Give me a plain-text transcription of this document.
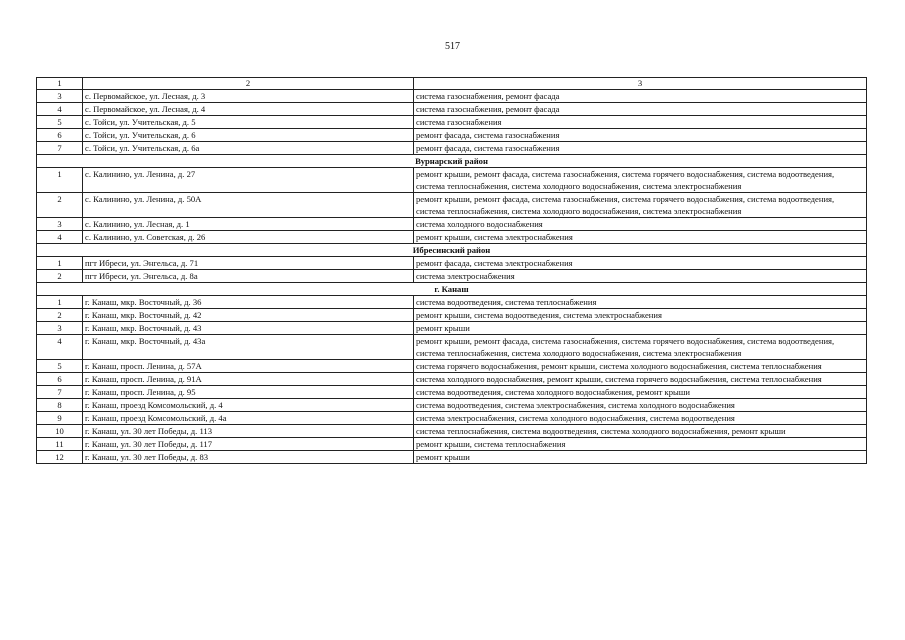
517
1	2	3
3	с. Первомайское, ул. Лесная, д. 3	система газоснабжения, ремонт фасада
4	с. Первомайское, ул. Лесная, д. 4	система газоснабжения, ремонт фасада
5	с. Тойси, ул. Учительская, д. 5	система газоснабжения
6	с. Тойси, ул. Учительская, д. 6	ремонт фасада, система газоснабжения
7	с. Тойси, ул. Учительская, д. 6а	ремонт фасада, система газоснабжения
Вурнарский район		
1	с. Калинино, ул. Ленина, д. 27	ремонт крыши, ремонт фасада, система газоснабжения, система горячего водоснабжения, система водоотведения, система теплоснабжения, система холодного водоснабжения, система электроснабжения
2	с. Калинино, ул. Ленина, д. 50А	ремонт крыши, ремонт фасада, система газоснабжения, система горячего водоснабжения, система водоотведения, система теплоснабжения, система холодного водоснабжения, система электроснабжения
3	с. Калинино, ул. Лесная, д. 1	система холодного водоснабжения
4	с. Калинино, ул. Советская, д. 26	ремонт крыши, система электроснабжения
Ибресинский район		
1	пгт Ибреси, ул. Энгельса, д. 71	ремонт фасада, система электроснабжения
2	пгт Ибреси, ул. Энгельса, д. 8а	система электроснабжения
г. Канаш		
1	г. Канаш, мкр. Восточный, д. 36	система водоотведения, система теплоснабжения
2	г. Канаш, мкр. Восточный, д. 42	ремонт крыши, система водоотведения, система электроснабжения
3	г. Канаш, мкр. Восточный, д. 43	ремонт крыши
4	г. Канаш, мкр. Восточный, д. 43а	ремонт крыши, ремонт фасада, система газоснабжения, система горячего водоснабжения, система водоотведения, система теплоснабжения, система холодного водоснабжения, система электроснабжения
5	г. Канаш, просп. Ленина, д. 57А	система горячего водоснабжения, ремонт крыши, система холодного водоснабжения, система теплоснабжения
6	г. Канаш, просп. Ленина, д. 91А	система холодного водоснабжения, ремонт крыши, система горячего водоснабжения, система теплоснабжения
7	г. Канаш, просп. Ленина, д. 95	система водоотведения, система холодного водоснабжения, ремонт крыши
8	г. Канаш, проезд Комсомольский, д. 4	система водоотведения, система электроснабжения, система холодного водоснабжения
9	г. Канаш, проезд Комсомольский, д. 4а	система электроснабжения, система холодного водоснабжения, система водоотведения
10	г. Канаш, ул. 30 лет Победы, д. 113	система теплоснабжения, система водоотведения, система холодного водоснабжения, ремонт крыши
11	г. Канаш, ул. 30 лет Победы, д. 117	ремонт крыши, система теплоснабжения
12	г. Канаш, ул. 30 лет Победы, д. 83	ремонт крыши
